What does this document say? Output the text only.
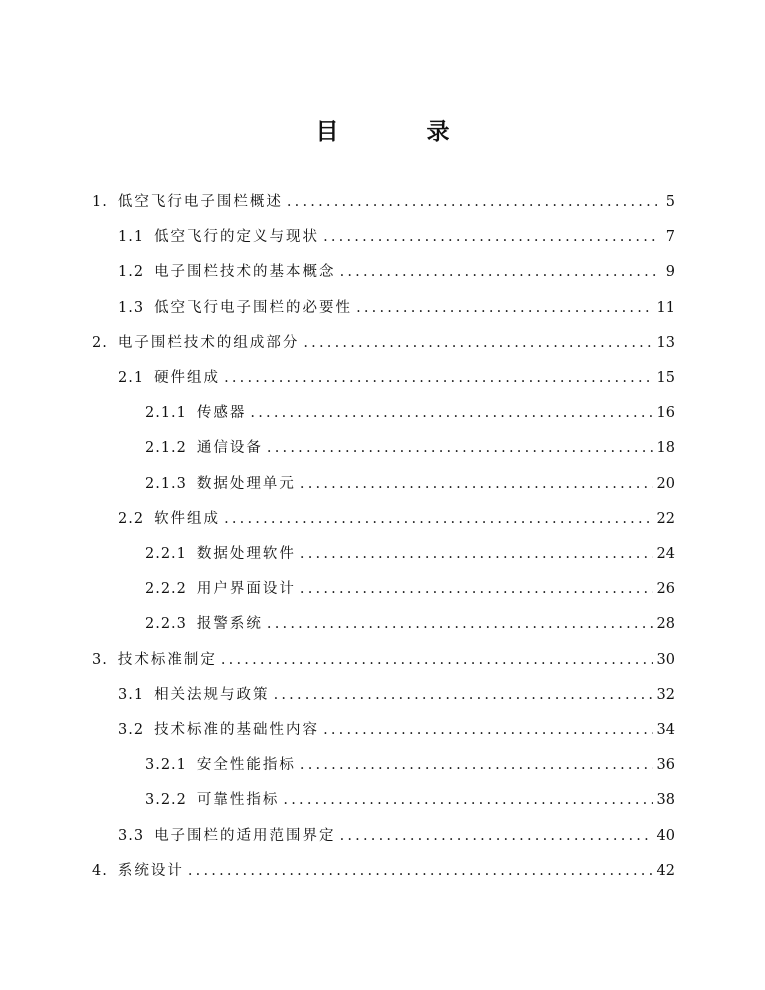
目 录
1. 低空飞行电子围栏概述 .....	5
1.1 低空飞行的定义与现状 .....	7
1.2 电子围栏技术的基本概念 .....	9
1.3 低空飞行电子围栏的必要性 .....	11
2. 电子围栏技术的组成部分 .....	13
2.1 硬件组成 .....	15
2.1.1 传感器 .....	16
2.1.2 通信设备 .....	18
2.1.3 数据处理单元 .....	20
2.2 软件组成 .....	22
2.2.1 数据处理软件 .....	24
2.2.2 用户界面设计 .....	26
2.2.3 报警系统 .....	28
3. 技术标准制定 .....	30
3.1 相关法规与政策 .....	32
3.2 技术标准的基础性内容 .....	34
3.2.1 安全性能指标 .....	36
3.2.2 可靠性指标 .....	38
3.3 电子围栏的适用范围界定 .....	40
4. 系统设计 .....	42
